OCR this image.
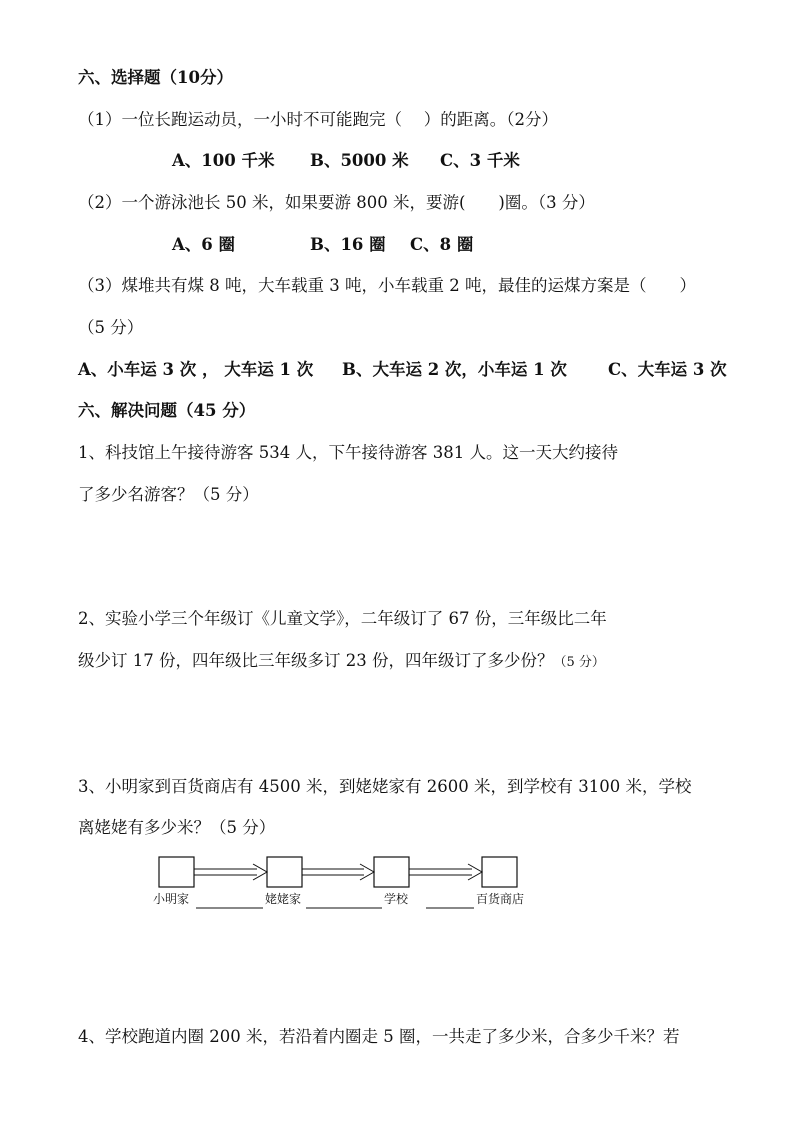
六、选择题（10分）
（1）一位长跑运动员，一小时不可能跑完（　 ）的距离。（2分）
A、100 千米 B、5000 米 C、3 千米
（2）一个游泳池长 50 米，如果要游 800 米，要游(　　)圈。（3 分）
A、6 圈	B、16 圈 C、8 圈
（3）煤堆共有煤 8 吨，大车载重 3 吨，小车载重 2 吨，最佳的运煤方案是（　　）
（5 分）
A、小车运 3 次 ， 大车运 1 次 B、大车运 2 次，小车运 1 次 C、大车运 3 次
六、解决问题（45 分）
1、科技馆上午接待游客 534 人，下午接待游客 381 人。这一天大约接待
了多少名游客？（5 分）
2、实验小学三个年级订《儿童文学》，二年级订了 67 份，三年级比二年
级少订 17 份，四年级比三年级多订 23 份，四年级订了多少份？（5 分）
3、小明家到百货商店有 4500 米，到姥姥家有 2600 米，到学校有 3100 米，学校
离姥姥有多少米？（5 分）
小明家	姥姥家	学校	百货商店
4、学校跑道内圈 200 米，若沿着内圈走 5 圈，一共走了多少米，合多少千米？若
